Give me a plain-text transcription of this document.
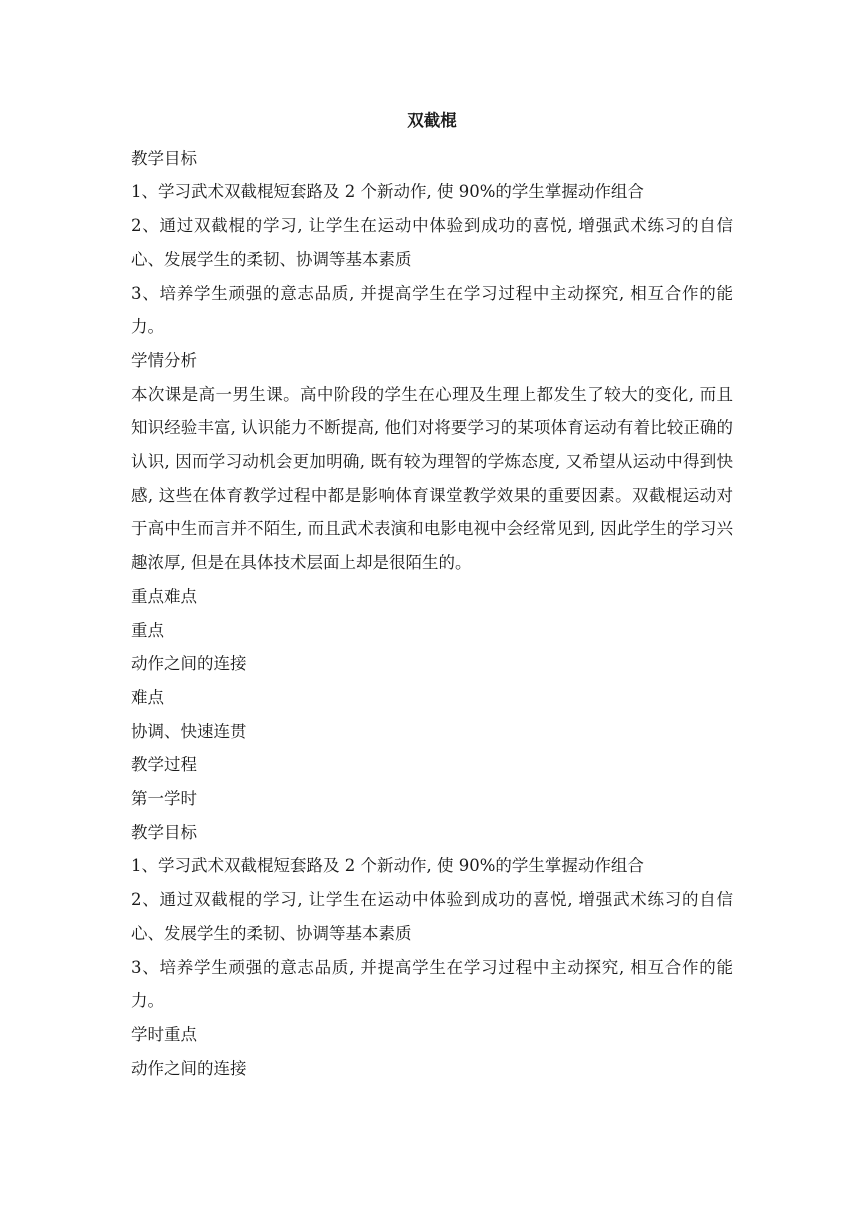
双截棍

教学目标

1、学习武术双截棍短套路及 2 个新动作, 使 90%的学生掌握动作组合

2、通过双截棍的学习, 让学生在运动中体验到成功的喜悦, 增强武术练习的自信心、发展学生的柔韧、协调等基本素质

3、培养学生顽强的意志品质, 并提高学生在学习过程中主动探究, 相互合作的能力。

学情分析

本次课是高一男生课。高中阶段的学生在心理及生理上都发生了较大的变化, 而且知识经验丰富, 认识能力不断提高, 他们对将要学习的某项体育运动有着比较正确的认识, 因而学习动机会更加明确, 既有较为理智的学炼态度, 又希望从运动中得到快感, 这些在体育教学过程中都是影响体育课堂教学效果的重要因素。双截棍运动对于高中生而言并不陌生, 而且武术表演和电影电视中会经常见到, 因此学生的学习兴趣浓厚, 但是在具体技术层面上却是很陌生的。

重点难点

重点

动作之间的连接

难点

协调、快速连贯

教学过程

第一学时

教学目标

1、学习武术双截棍短套路及 2 个新动作, 使 90%的学生掌握动作组合

2、通过双截棍的学习, 让学生在运动中体验到成功的喜悦, 增强武术练习的自信心、发展学生的柔韧、协调等基本素质

3、培养学生顽强的意志品质, 并提高学生在学习过程中主动探究, 相互合作的能力。

学时重点

动作之间的连接
